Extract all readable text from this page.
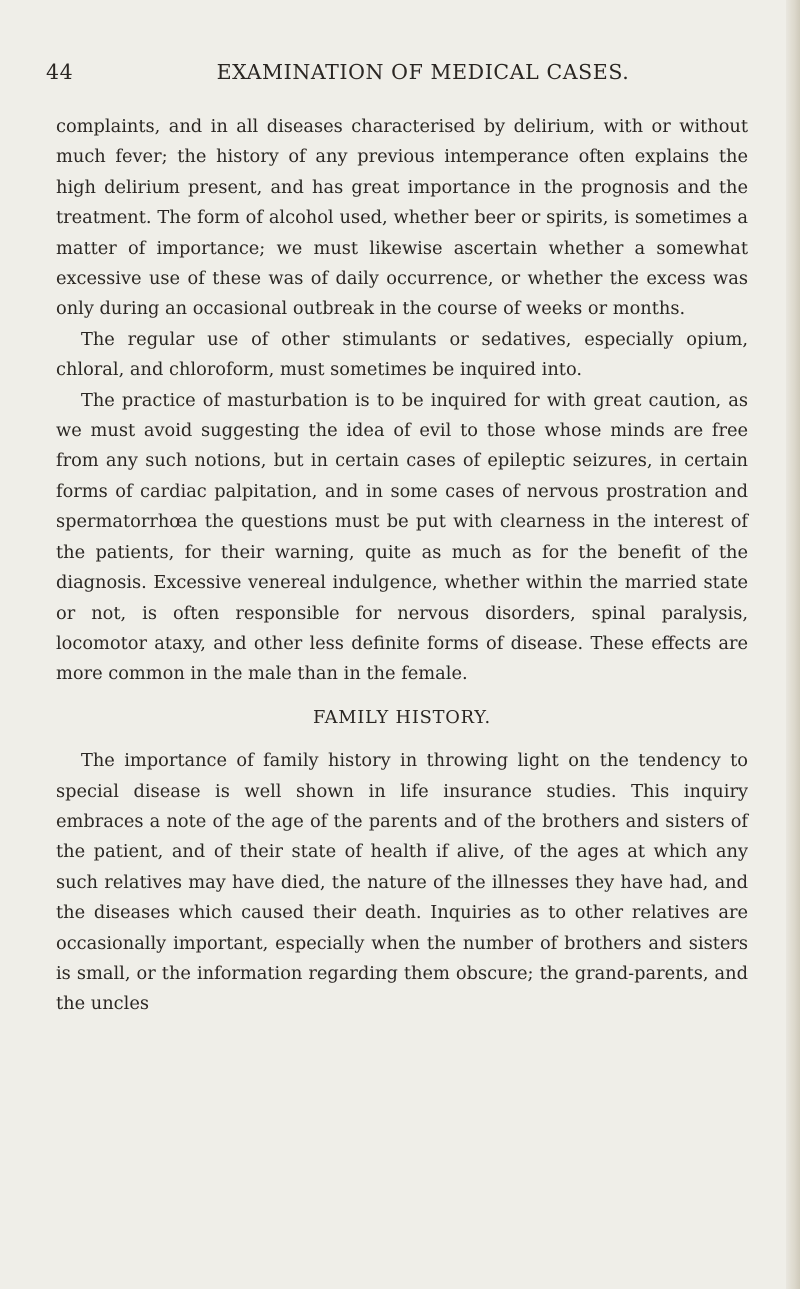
44	EXAMINATION OF MEDICAL CASES.

complaints, and in all diseases characterised by delirium, with or without much fever; the history of any previous intemperance often explains the high delirium present, and has great importance in the prognosis and the treatment. The form of alcohol used, whether beer or spirits, is sometimes a matter of importance; we must likewise ascertain whether a somewhat excessive use of these was of daily occurrence, or whether the excess was only during an occasional outbreak in the course of weeks or months.

The regular use of other stimulants or sedatives, especially opium, chloral, and chloroform, must sometimes be inquired into.

The practice of masturbation is to be inquired for with great caution, as we must avoid suggesting the idea of evil to those whose minds are free from any such notions, but in certain cases of epileptic seizures, in certain forms of cardiac palpitation, and in some cases of nervous prostration and spermatorrhœa the questions must be put with clearness in the interest of the patients, for their warning, quite as much as for the benefit of the diagnosis. Excessive venereal indulgence, whether within the married state or not, is often responsible for nervous disorders, spinal paralysis, locomotor ataxy, and other less definite forms of disease. These effects are more common in the male than in the female.

FAMILY HISTORY.

The importance of family history in throwing light on the tendency to special disease is well shown in life insurance studies. This inquiry embraces a note of the age of the parents and of the brothers and sisters of the patient, and of their state of health if alive, of the ages at which any such relatives may have died, the nature of the illnesses they have had, and the diseases which caused their death. Inquiries as to other relatives are occasionally important, especially when the number of brothers and sisters is small, or the information regarding them obscure; the grand-parents, and the uncles
